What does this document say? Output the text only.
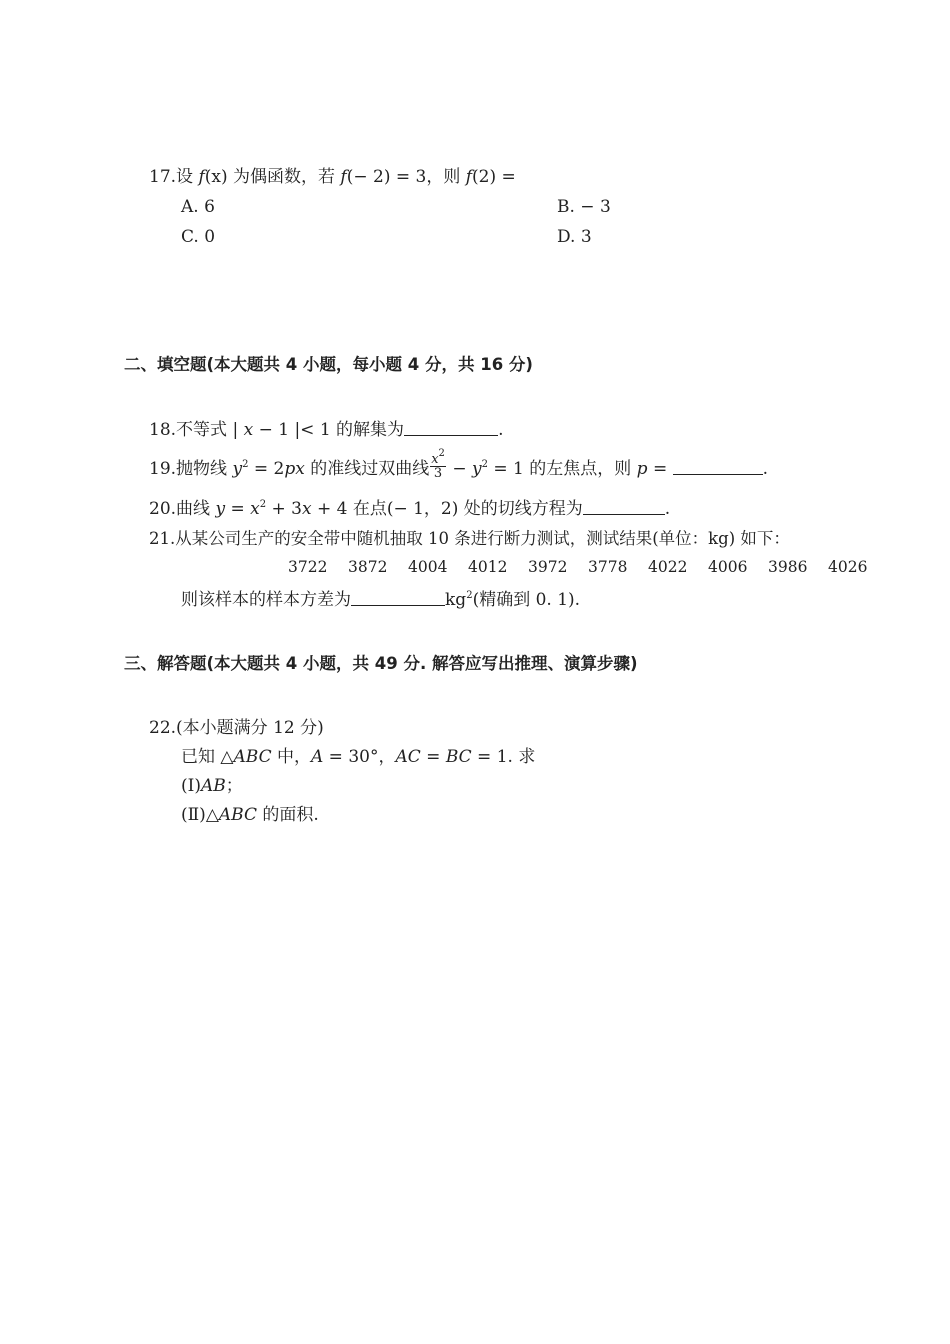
17.设 f(x) 为偶函数，若 f(− 2) = 3，则 f(2) =
A. 6	B. − 3
C. 0	D. 3
二、填空题(本大题共 4 小题，每小题 4 分，共 16 分)
18.不等式 | x − 1 |< 1 的解集为	.
19.抛物线 $y^2 = 2px$ 的准线过双曲线 $\frac{x^2}{3} - y^2 = 1$ 的左焦点，则 p =	.
20.曲线 $y = x^2 + 3x + 4$ 在点(− 1，2) 处的切线方程为	.
21.从某公司生产的安全带中随机抽取 10 条进行断力测试，测试结果(单位：kg) 如下：
3722 3872 4004 4012 3972 3778 4022 4006 3986 4026
则该样本的样本方差为	$kg^2$(精确到 0. 1).
三、解答题(本大题共 4 小题，共 49 分. 解答应写出推理、演算步骤)
22.(本小题满分 12 分)
已知 △ABC 中，A = 30°，AC = BC = 1. 求
(Ⅰ)AB；
(Ⅱ)△ABC 的面积.
